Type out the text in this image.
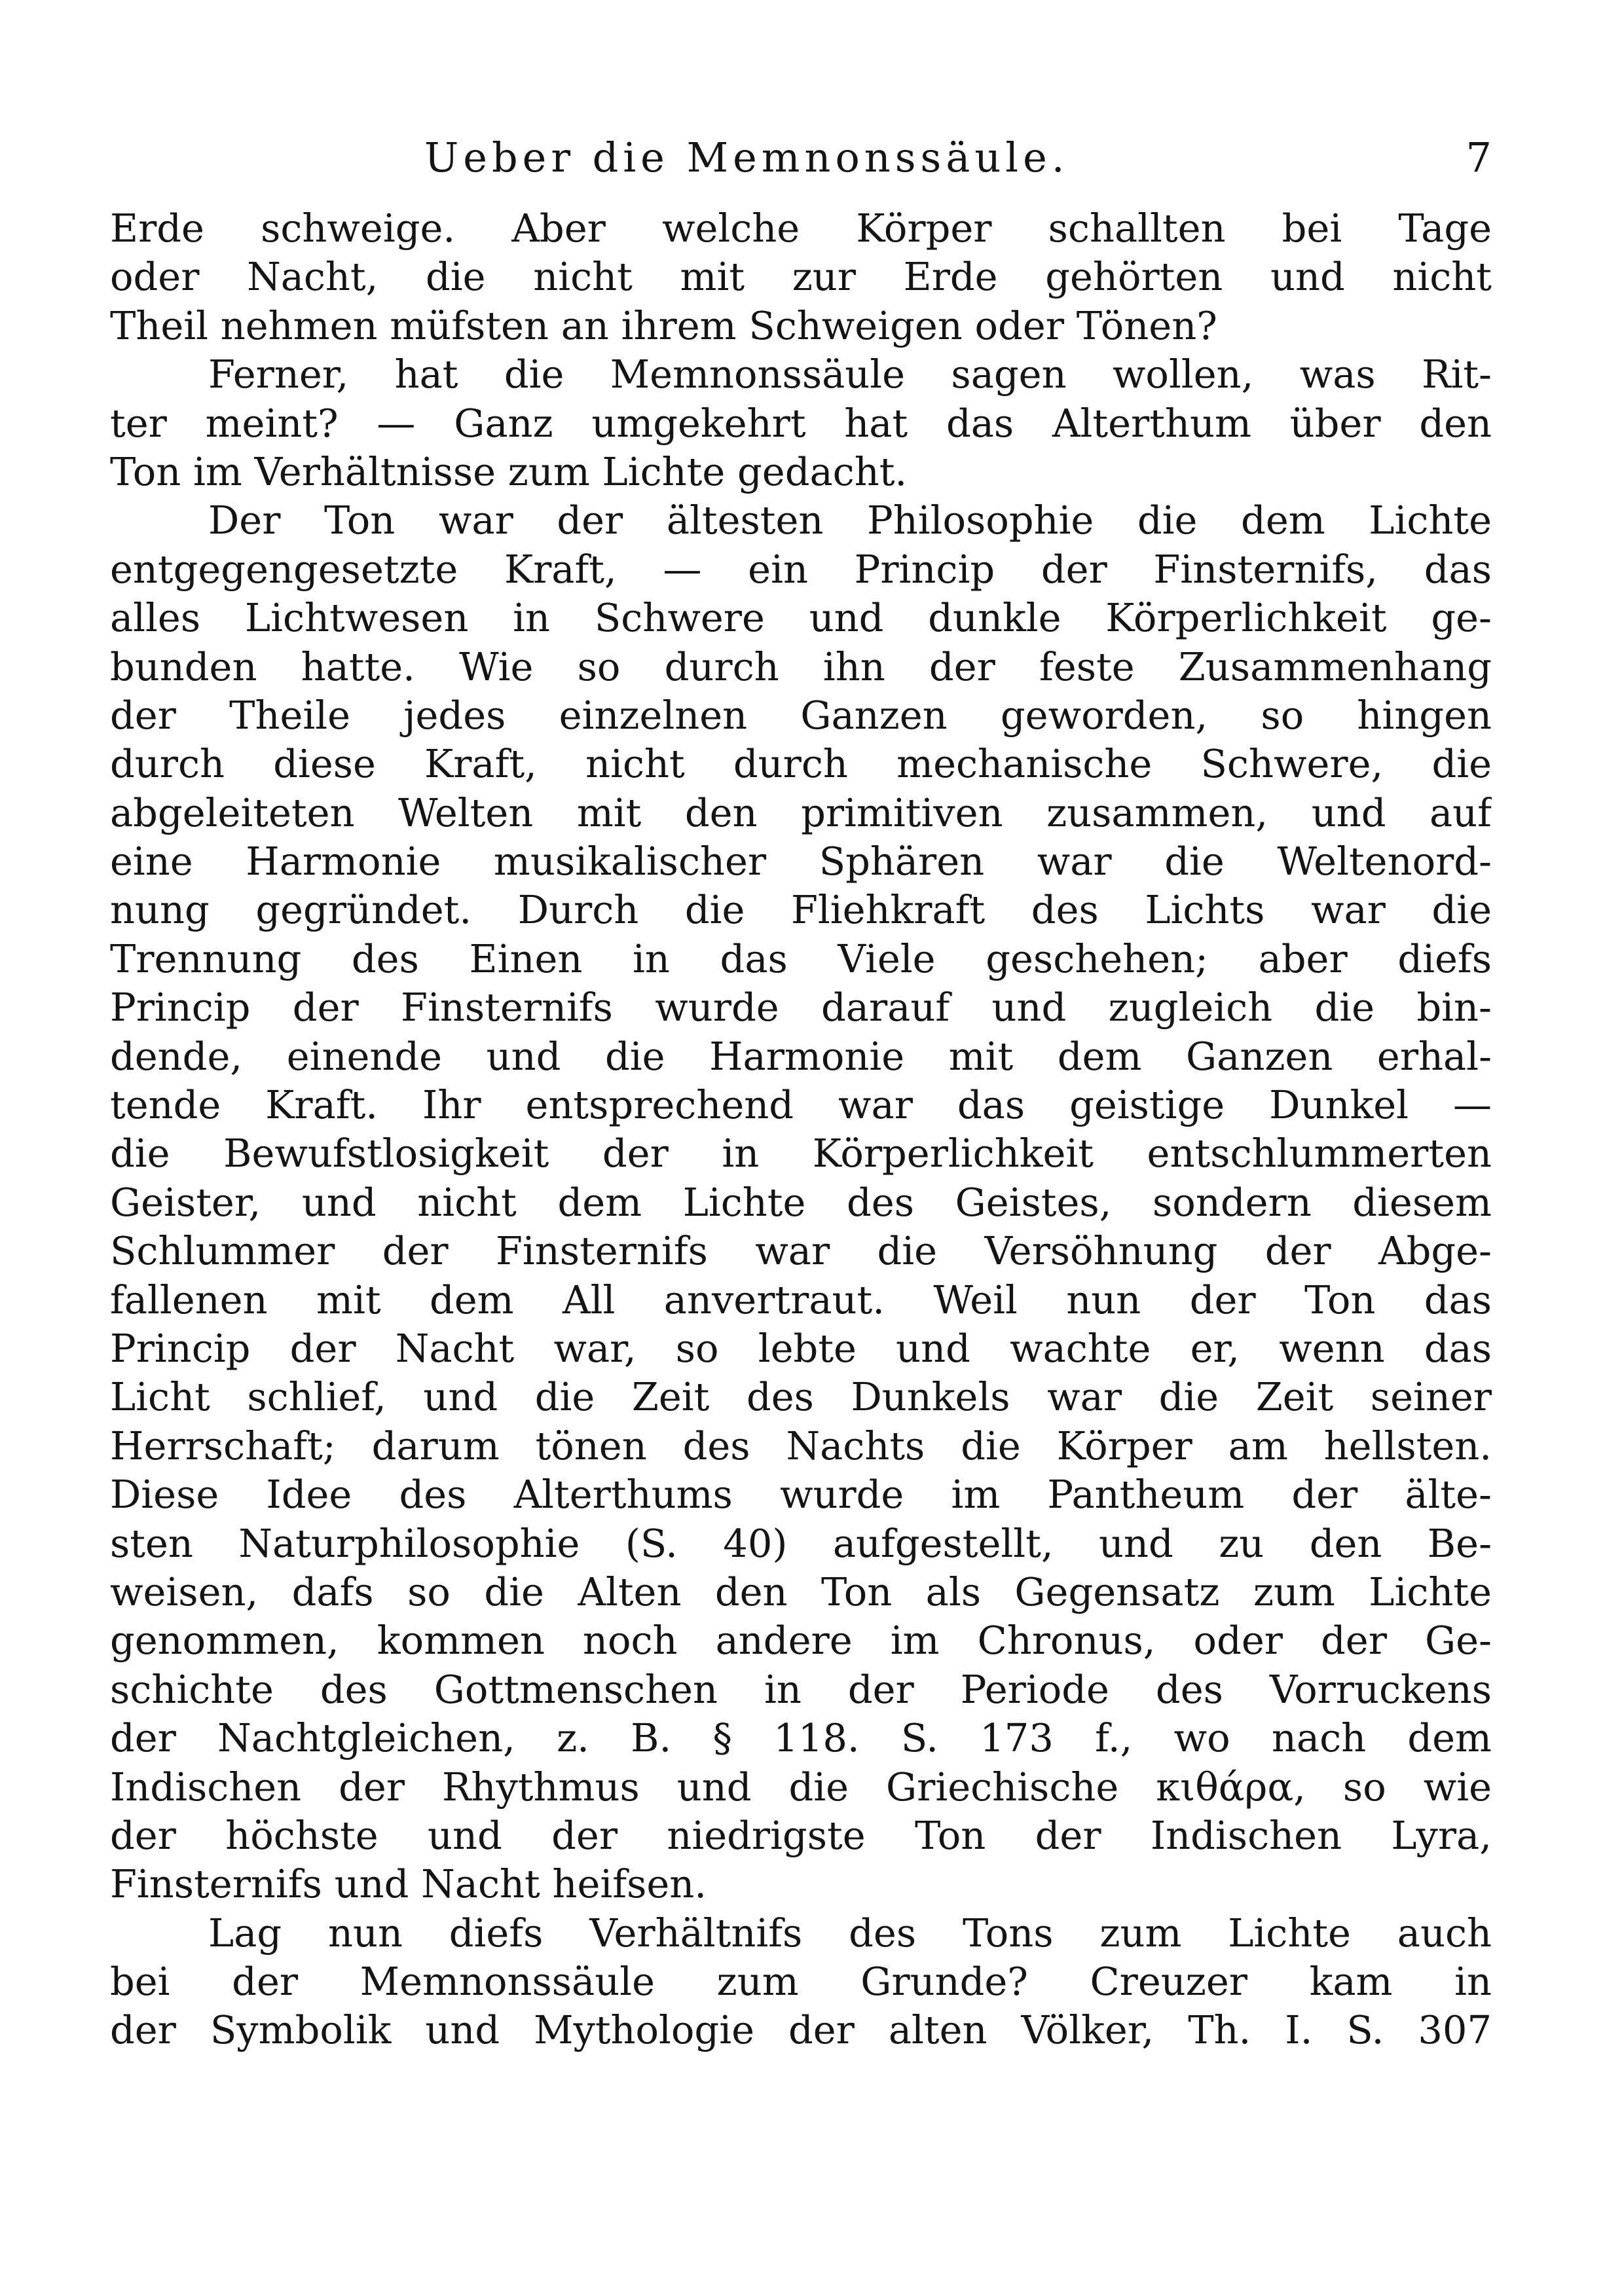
Ueber die Memnonssäule.	7
Erde schweige. Aber welche Körper schallten bei Tage
oder Nacht, die nicht mit zur Erde gehörten und nicht
Theil nehmen müfsten an ihrem Schweigen oder Tönen?
Ferner, hat die Memnonssäule sagen wollen, was Rit-
ter meint? — Ganz umgekehrt hat das Alterthum über den
Ton im Verhältnisse zum Lichte gedacht.
Der Ton war der ältesten Philosophie die dem Lichte
entgegengesetzte Kraft, — ein Princip der Finsternifs, das
alles Lichtwesen in Schwere und dunkle Körperlichkeit ge-
bunden hatte. Wie so durch ihn der feste Zusammenhang
der Theile jedes einzelnen Ganzen geworden, so hingen
durch diese Kraft, nicht durch mechanische Schwere, die
abgeleiteten Welten mit den primitiven zusammen, und auf
eine Harmonie musikalischer Sphären war die Weltenord-
nung gegründet. Durch die Fliehkraft des Lichts war die
Trennung des Einen in das Viele geschehen; aber diefs
Princip der Finsternifs wurde darauf und zugleich die bin-
dende, einende und die Harmonie mit dem Ganzen erhal-
tende Kraft. Ihr entsprechend war das geistige Dunkel —
die Bewufstlosigkeit der in Körperlichkeit entschlummerten
Geister, und nicht dem Lichte des Geistes, sondern diesem
Schlummer der Finsternifs war die Versöhnung der Abge-
fallenen mit dem All anvertraut. Weil nun der Ton das
Princip der Nacht war, so lebte und wachte er, wenn das
Licht schlief, und die Zeit des Dunkels war die Zeit seiner
Herrschaft; darum tönen des Nachts die Körper am hellsten.
Diese Idee des Alterthums wurde im Pantheum der älte-
sten Naturphilosophie (S. 40) aufgestellt, und zu den Be-
weisen, dafs so die Alten den Ton als Gegensatz zum Lichte
genommen, kommen noch andere im Chronus, oder der Ge-
schichte des Gottmenschen in der Periode des Vorruckens
der Nachtgleichen, z. B. § 118. S. 173 f., wo nach dem
Indischen der Rhythmus und die Griechische κιθάρα, so wie
der höchste und der niedrigste Ton der Indischen Lyra,
Finsternifs und Nacht heifsen.
Lag nun diefs Verhältnifs des Tons zum Lichte auch
bei der Memnonssäule zum Grunde? Creuzer kam in
der Symbolik und Mythologie der alten Völker, Th. I. S. 307
